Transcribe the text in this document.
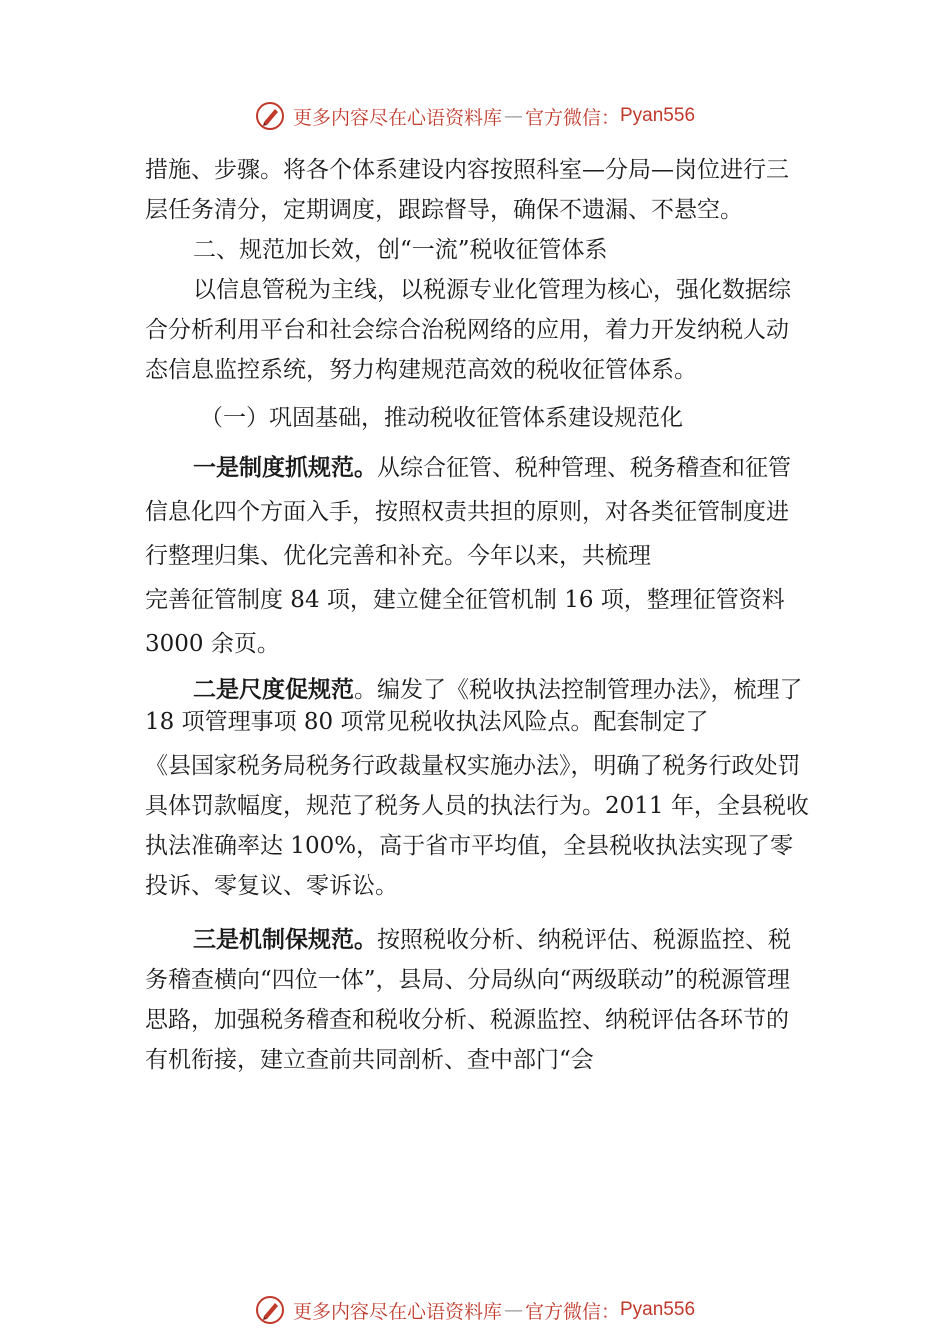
更多内容尽在心语资料库 — 官方微信： Pyan556

措施、步骤。将各个体系建设内容按照科室—分局—岗位进行三层任务清分，定期调度，跟踪督导，确保不遗漏、不悬空。

二、规范加长效，创“一流”税收征管体系

以信息管税为主线，以税源专业化管理为核心，强化数据综合分析利用平台和社会综合治税网络的应用，着力开发纳税人动态信息监控系统，努力构建规范高效的税收征管体系。

（一）巩固基础，推动税收征管体系建设规范化

一是制度抓规范。从综合征管、税种管理、税务稽查和征管信息化四个方面入手，按照权责共担的原则，对各类征管制度进行整理归集、优化完善和补充。今年以来，共梳理

完善征管制度 84 项，建立健全征管机制 16 项，整理征管资料 3000 余页。

二是尺度促规范。编发了《税收执法控制管理办法》，梳理了 18 项管理事项 80 项常见税收执法风险点。配套制定了

《县国家税务局税务行政裁量权实施办法》，明确了税务行政处罚具体罚款幅度，规范了税务人员的执法行为。2011 年，全县税收执法准确率达 100%，高于省市平均值，全县税收执法实现了零投诉、零复议、零诉讼。

三是机制保规范。按照税收分析、纳税评估、税源监控、税务稽查横向“四位一体”，县局、分局纵向“两级联动”的税源管理思路，加强税务稽查和税收分析、税源监控、纳税评估各环节的有机衔接，建立查前共同剖析、查中部门“会

更多内容尽在心语资料库 — 官方微信： Pyan556
